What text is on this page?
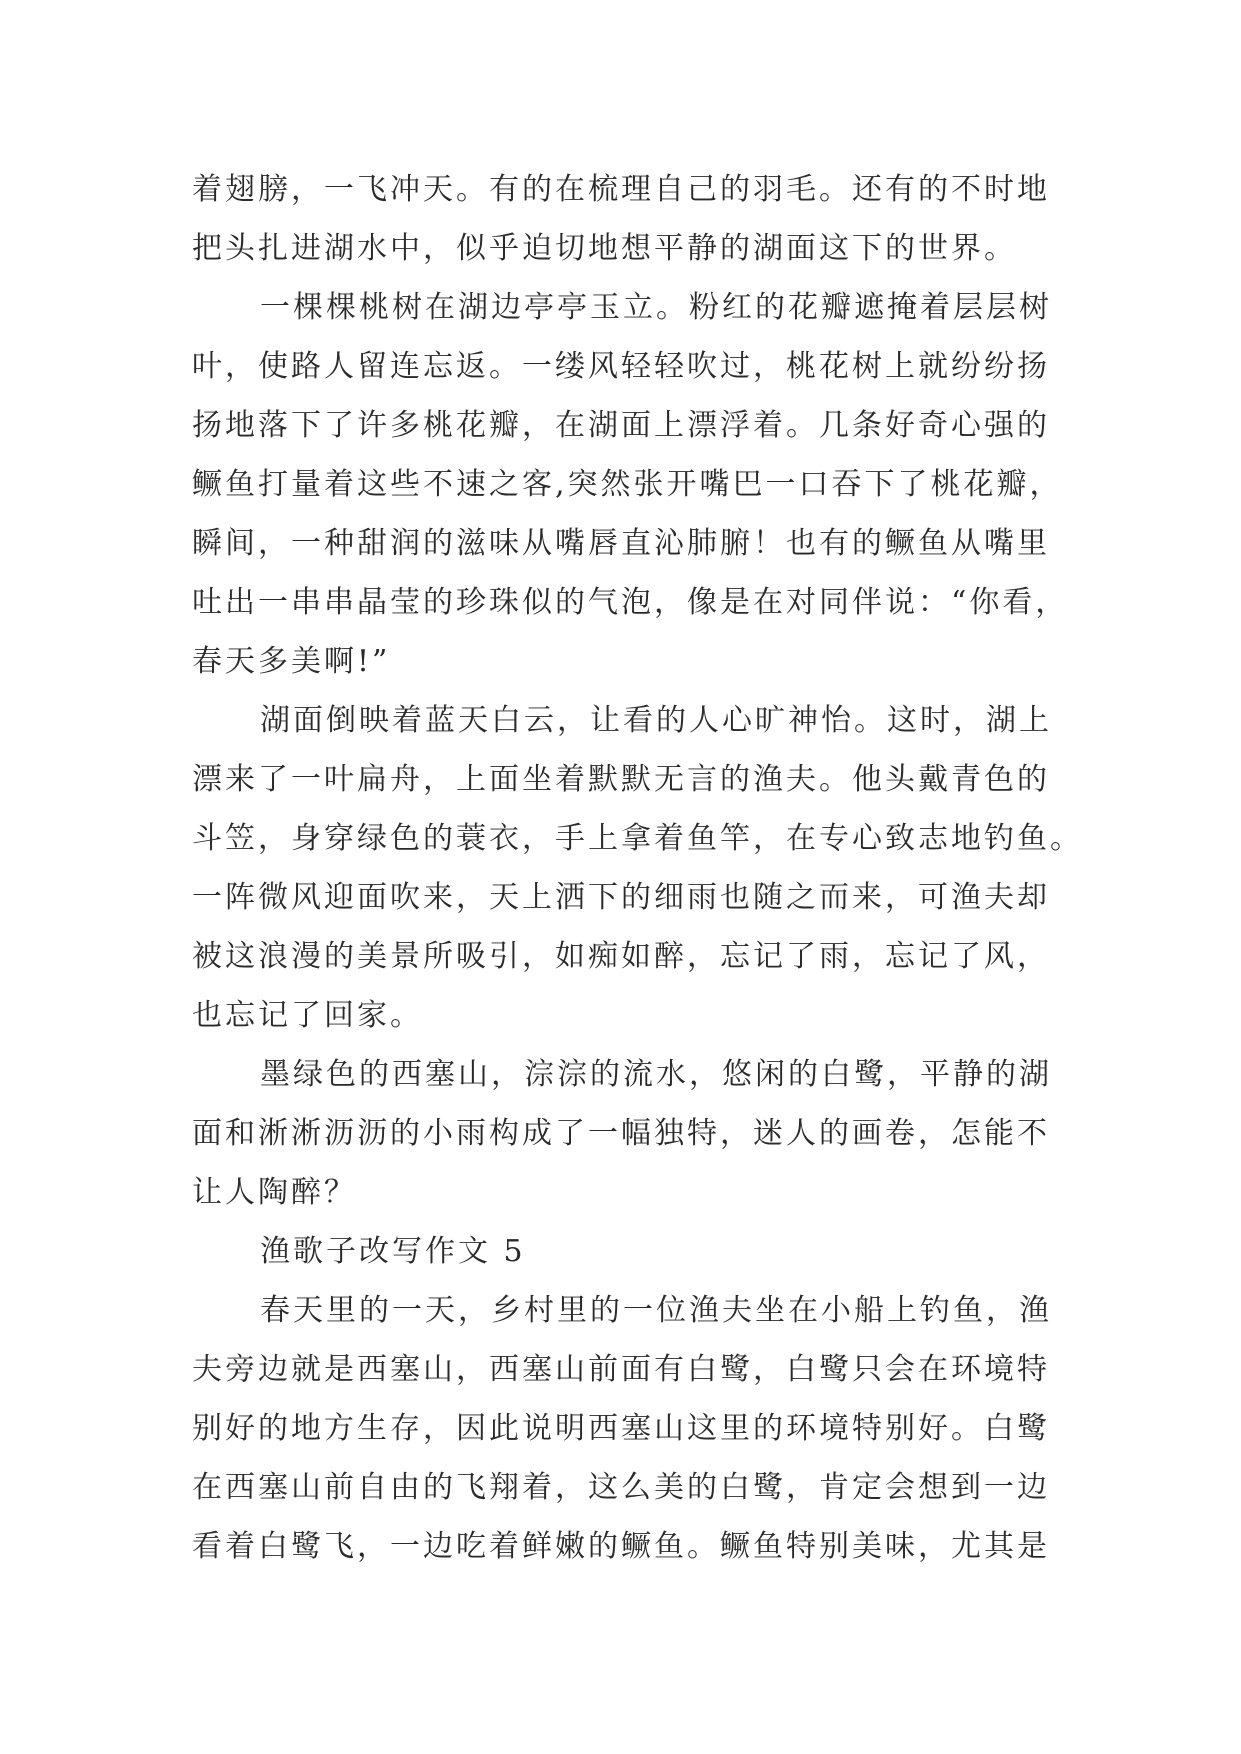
着翅膀，一飞冲天。有的在梳理自己的羽毛。还有的不时地
把头扎进湖水中，似乎迫切地想平静的湖面这下的世界。
一棵棵桃树在湖边亭亭玉立。粉红的花瓣遮掩着层层树
叶，使路人留连忘返。一缕风轻轻吹过，桃花树上就纷纷扬
扬地落下了许多桃花瓣，在湖面上漂浮着。几条好奇心强的
鳜鱼打量着这些不速之客,突然张开嘴巴一口吞下了桃花瓣，
瞬间，一种甜润的滋味从嘴唇直沁肺腑！也有的鳜鱼从嘴里
吐出一串串晶莹的珍珠似的气泡，像是在对同伴说：“你看，
春天多美啊!”
湖面倒映着蓝天白云，让看的人心旷神怡。这时，湖上
漂来了一叶扁舟，上面坐着默默无言的渔夫。他头戴青色的
斗笠，身穿绿色的蓑衣，手上拿着鱼竿，在专心致志地钓鱼。
一阵微风迎面吹来，天上洒下的细雨也随之而来，可渔夫却
被这浪漫的美景所吸引，如痴如醉，忘记了雨，忘记了风，
也忘记了回家。
墨绿色的西塞山，淙淙的流水，悠闲的白鹭，平静的湖
面和淅淅沥沥的小雨构成了一幅独特，迷人的画卷，怎能不
让人陶醉？
渔歌子改写作文 5
春天里的一天，乡村里的一位渔夫坐在小船上钓鱼，渔
夫旁边就是西塞山，西塞山前面有白鹭，白鹭只会在环境特
别好的地方生存，因此说明西塞山这里的环境特别好。白鹭
在西塞山前自由的飞翔着，这么美的白鹭，肯定会想到一边
看着白鹭飞，一边吃着鲜嫩的鳜鱼。鳜鱼特别美味，尤其是
